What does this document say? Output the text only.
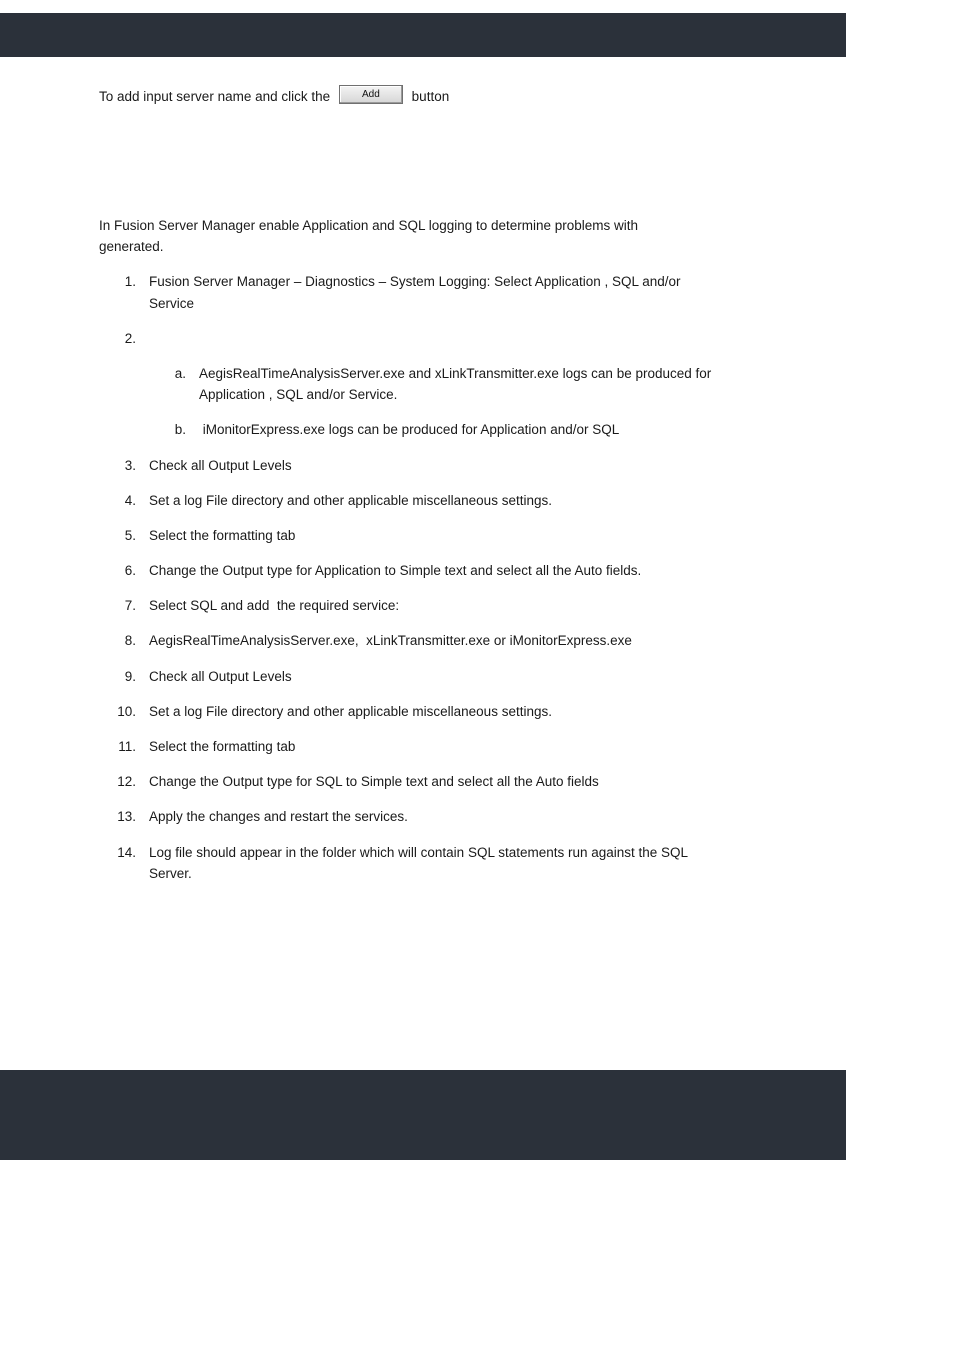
To add input server name and click the	Add button
In Fusion Server Manager enable Application and SQL logging to determine problems with
generated.
1. Fusion Server Manager – Diagnostics – System Logging: Select Application , SQL and/or
Service
2.
a. AegisRealTimeAnalysisServer.exe and xLinkTransmitter.exe logs can be produced for
Application , SQL and/or Service.
b. iMonitorExpress.exe logs can be produced for Application and/or SQL
3. Check all Output Levels
4. Set a log File directory and other applicable miscellaneous settings.
5. Select the formatting tab
6. Change the Output type for Application to Simple text and select all the Auto fields.
7. Select SQL and add  the required service:
8. AegisRealTimeAnalysisServer.exe,  xLinkTransmitter.exe or iMonitorExpress.exe
9. Check all Output Levels
10. Set a log File directory and other applicable miscellaneous settings.
11. Select the formatting tab
12. Change the Output type for SQL to Simple text and select all the Auto fields
13. Apply the changes and restart the services.
14. Log file should appear in the folder which will contain SQL statements run against the SQL
Server.
